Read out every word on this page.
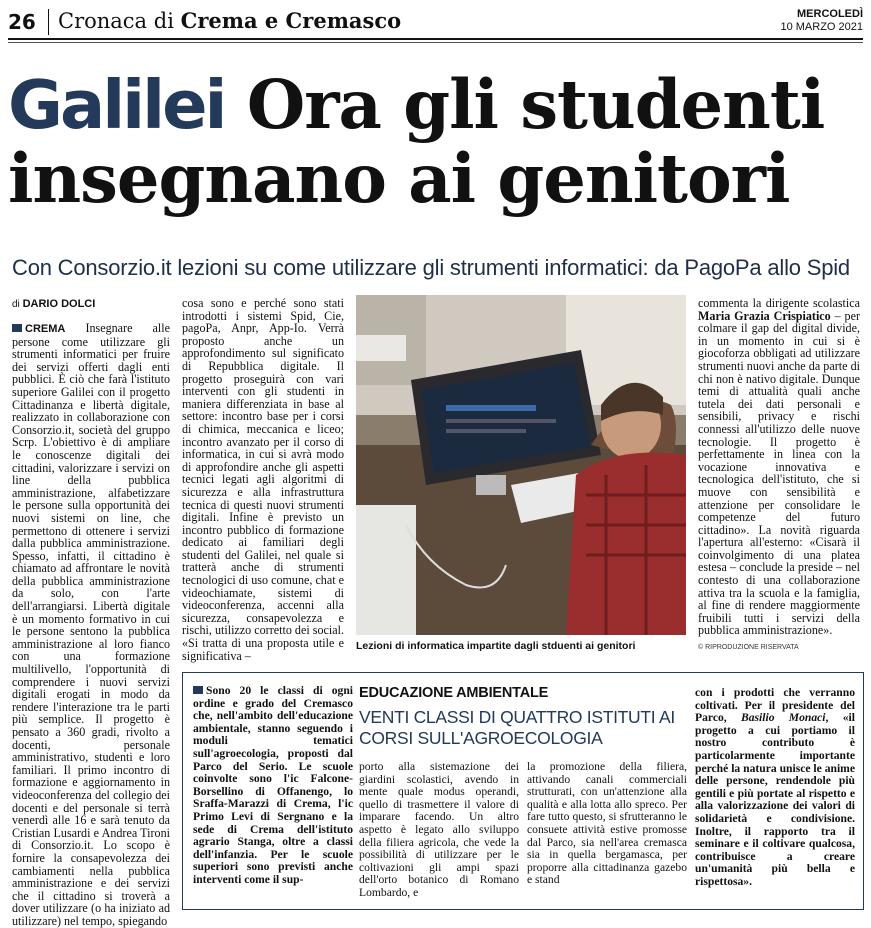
26 Cronaca di Crema e Cremasco	MERCOLEDÌ
10 MARZO 2021
Galilei Ora gli studenti
insegnano ai genitori
Con Consorzio.it lezioni su come utilizzare gli strumenti informatici: da PagoPa allo Spid
di DARIO DOLCI
CREMA Insegnare alle persone come utilizzare gli strumenti informatici per fruire dei servizi offerti dagli enti pubblici. È ciò che farà l'istituto superiore Galilei con il progetto Cittadinanza e libertà digitale, realizzato in collaborazione con Consorzio.it, società del gruppo Scrp. L'obiettivo è di ampliare le conoscenze digitali dei cittadini, valorizzare i servizi on line della pubblica amministrazione, alfabetizzare le persone sulla opportunità dei nuovi sistemi on line, che permettono di ottenere i servizi dalla pubblica amministrazione. Spesso, infatti, il cittadino è chiamato ad affrontare le novità della pubblica amministrazione da solo, con l'arte dell'arrangiarsi. Libertà digitale è un momento formativo in cui le persone sentono la pubblica amministrazione al loro fianco con una formazione multilivello, l'opportunità di comprendere i nuovi servizi digitali erogati in modo da rendere l'interazione tra le parti più semplice. Il progetto è pensato a 360 gradi, rivolto a docenti, personale amministrativo, studenti e loro familiari. Il primo incontro di formazione e aggiornamento in videoconferenza del collegio dei docenti e del personale si terrà venerdì alle 16 e sarà tenuto da Cristian Lusardi e Andrea Tironi di Consorzio.it. Lo scopo è fornire la consapevolezza dei cambiamenti nella pubblica amministrazione e dei servizi che il cittadino si troverà a dover utilizzare (o ha iniziato ad utilizzare) nel tempo, spiegando
cosa sono e perché sono stati introdotti i sistemi Spid, Cie, pagoPa, Anpr, App-Io. Verrà proposto anche un approfondimento sul significato di Repubblica digitale. Il progetto proseguirà con vari interventi con gli studenti in maniera differenziata in base al settore: incontro base per i corsi di chimica, meccanica e liceo; incontro avanzato per il corso di informatica, in cui si avrà modo di approfondire anche gli aspetti tecnici legati agli algoritmi di sicurezza e alla infrastruttura tecnica di questi nuovi strumenti digitali. Infine è previsto un incontro pubblico di formazione dedicato ai familiari degli studenti del Galilei, nel quale si tratterà anche di strumenti tecnologici di uso comune, chat e videochiamate, sistemi di videoconferenza, accenni alla sicurezza, consapevolezza e rischi, utilizzo corretto dei social. «Si tratta di una proposta utile e significativa –
Lezioni di informatica impartite dagli stduenti ai genitori
commenta la dirigente scolastica Maria Grazia Crispiatico – per colmare il gap del digital divide, in un momento in cui si è giocoforza obbligati ad utilizzare strumenti nuovi anche da parte di chi non è nativo digitale. Dunque temi di attualità quali anche tutela dei dati personali e sensibili, privacy e rischi connessi all'utilizzo delle nuove tecnologie. Il progetto è perfettamente in linea con la vocazione innovativa e tecnologica dell'istituto, che si muove con sensibilità e attenzione per consolidare le competenze del futuro cittadino». La novità riguarda l'apertura all'esterno: «Cisarà il coinvolgimento di una platea estesa – conclude la preside – nel contesto di una collaborazione attiva tra la scuola e la famiglia, al fine di rendere maggiormente fruibili tutti i servizi della pubblica amministrazione».
© RIPRODUZIONE RISERVATA
Sono 20 le classi di ogni ordine e grado del Cremasco che, nell'ambito dell'educazione ambientale, stanno seguendo i moduli tematici sull'agroecologia, proposti dal Parco del Serio. Le scuole coinvolte sono l'ic Falcone-Borsellino di Offanengo, lo Sraffa-Marazzi di Crema, l'ic Primo Levi di Sergnano e la sede di Crema dell'istituto agrario Stanga, oltre a classi dell'infanzia. Per le scuole superiori sono previsti anche interventi come il sup-
EDUCAZIONE AMBIENTALE
VENTI CLASSI DI QUATTRO ISTITUTI AI CORSI SULL'AGROECOLOGIA
porto alla sistemazione dei giardini scolastici, avendo in mente quale modus operandi, quello di trasmettere il valore di imparare facendo. Un altro aspetto è legato allo sviluppo della filiera agricola, che vede la possibilità di utilizzare per le coltivazioni gli ampi spazi dell'orto botanico di Romano Lombardo, e
la promozione della filiera, attivando canali commerciali strutturati, con un'attenzione alla qualità e alla lotta allo spreco. Per fare tutto questo, si sfrutteranno le consuete attività estive promosse dal Parco, sia nell'area cremasca sia in quella bergamasca, per proporre alla cittadinanza gazebo e stand
con i prodotti che verranno coltivati. Per il presidente del Parco, Basilio Monaci, «il progetto a cui portiamo il nostro contributo è particolarmente importante perché la natura unisce le anime delle persone, rendendole più gentili e più portate al rispetto e alla valorizzazione dei valori di solidarietà e condivisione. Inoltre, il rapporto tra il seminare e il coltivare qualcosa, contribuisce a creare un'umanità più bella e rispettosa».
